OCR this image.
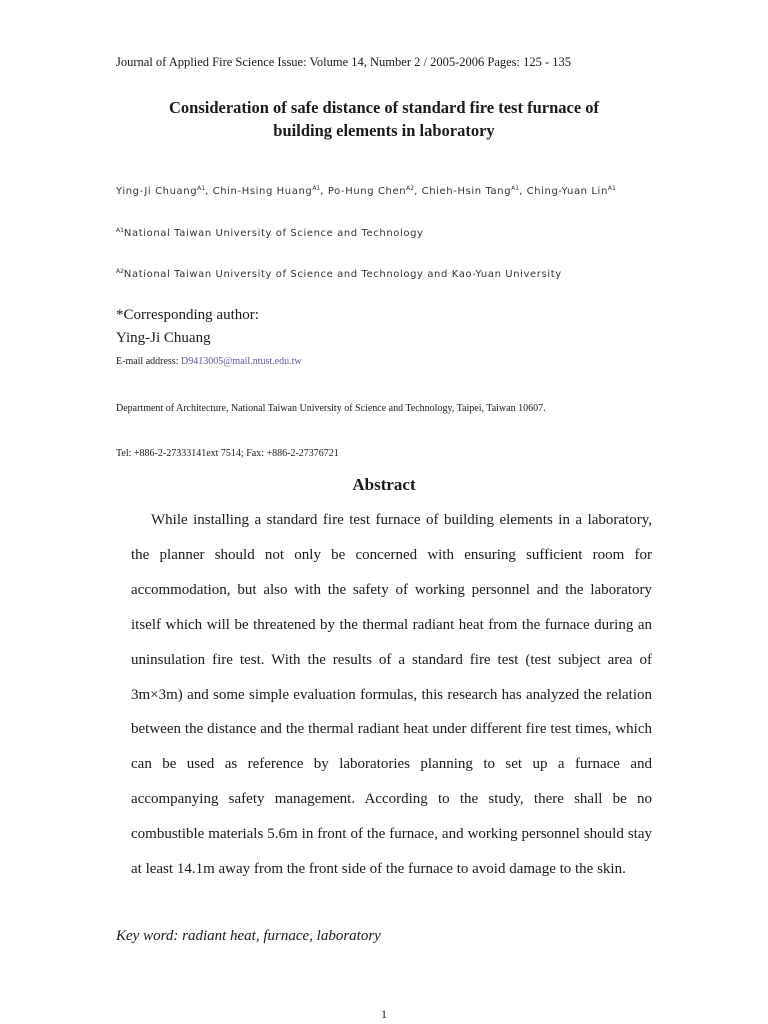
Journal of Applied Fire Science Issue: Volume 14, Number 2 / 2005-2006 Pages: 125 - 135
Consideration of safe distance of standard fire test furnace of
building elements in laboratory
Ying-Ji Chuang$^{A1}$, Chin-Hsing Huang$^{A1}$, Po-Hung Chen$^{A2}$, Chieh-Hsin Tang$^{A1}$, Ching-Yuan Lin$^{A1}$
$^{A1}$National Taiwan University of Science and Technology
$^{A2}$National Taiwan University of Science and Technology and Kao-Yuan University
*Corresponding author:
Ying-Ji Chuang
E-mail address: D9413005@mail.ntust.edu.tw
Department of Architecture, National Taiwan University of Science and Technology, Taipei, Taiwan 10607.
Tel: +886-2-27333141ext 7514; Fax: +886-2-27376721
Abstract

While installing a standard fire test furnace of building elements in a laboratory, the planner should not only be concerned with ensuring sufficient room for accommodation, but also with the safety of working personnel and the laboratory itself which will be threatened by the thermal radiant heat from the furnace during an uninsulation fire test. With the results of a standard fire test (test subject area of 3m×3m) and some simple evaluation formulas, this research has analyzed the relation between the distance and the thermal radiant heat under different fire test times, which can be used as reference by laboratories planning to set up a furnace and accompanying safety management. According to the study, there shall be no combustible materials 5.6m in front of the furnace, and working personnel should stay at least 14.1m away from the front side of the furnace to avoid damage to the skin.

Key word: radiant heat, furnace, laboratory
1
